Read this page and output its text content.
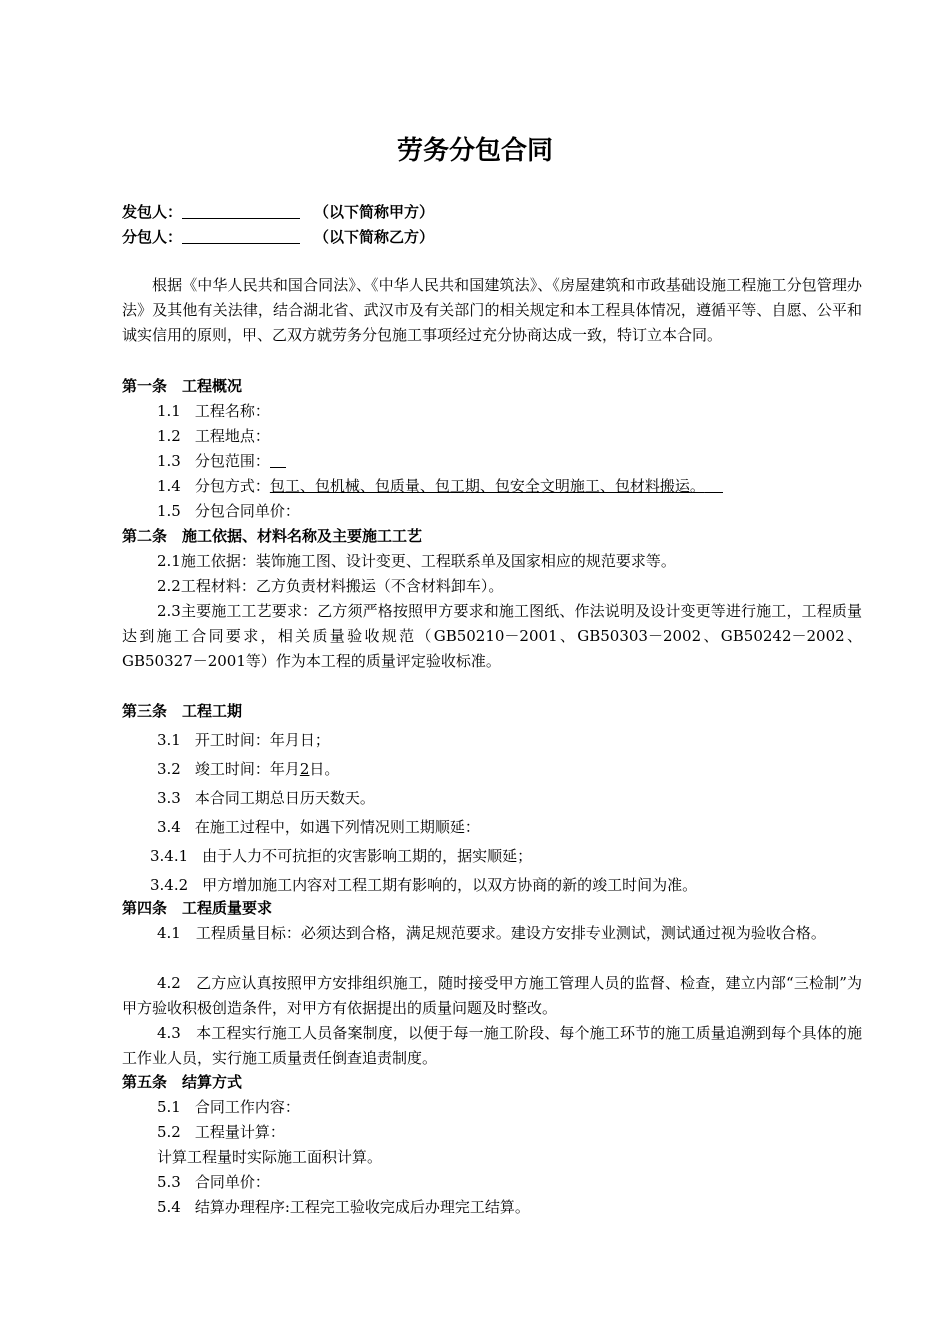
劳务分包合同
发包人：	（以下简称甲方）
分包人：	（以下简称乙方）
根据《中华人民共和国合同法》、《中华人民共和国建筑法》、《房屋建筑和市政基础设施工程施工分包管理办法》及其他有关法律，结合湖北省、武汉市及有关部门的相关规定和本工程具体情况，遵循平等、自愿、公平和诚实信用的原则，甲、乙双方就劳务分包施工事项经过充分协商达成一致，特订立本合同。
第一条　工程概况
1.1 工程名称：
1.2 工程地点：
1.3 分包范围：
1.4 分包方式：包工、包机械、包质量、包工期、包安全文明施工、包材料搬运。
1.5 分包合同单价：
第二条　施工依据、材料名称及主要施工工艺
2.1施工依据：装饰施工图、设计变更、工程联系单及国家相应的规范要求等。
2.2工程材料：乙方负责材料搬运（不含材料卸车）。
2.3主要施工工艺要求：乙方须严格按照甲方要求和施工图纸、作法说明及设计变更等进行施工，工程质量达到施工合同要求，相关质量验收规范（GB50210－2001、GB50303－2002、GB50242－2002、GB50327－2001等）作为本工程的质量评定验收标准。
第三条　工程工期
3.1 开工时间：年月日；
3.2 竣工时间：年月2日。
3.3 本合同工期总日历天数天。
3.4 在施工过程中，如遇下列情况则工期顺延：
3.4.1 由于人力不可抗拒的灾害影响工期的，据实顺延；
3.4.2 甲方增加施工内容对工程工期有影响的，以双方协商的新的竣工时间为准。
第四条　工程质量要求
4.1　工程质量目标：必须达到合格，满足规范要求。建设方安排专业测试，测试通过视为验收合格。
4.2　乙方应认真按照甲方安排组织施工，随时接受甲方施工管理人员的监督、检查，建立内部“三检制”为甲方验收积极创造条件，对甲方有依据提出的质量问题及时整改。
4.3　本工程实行施工人员备案制度，以便于每一施工阶段、每个施工环节的施工质量追溯到每个具体的施工作业人员，实行施工质量责任倒查追责制度。
第五条　结算方式
5.1 合同工作内容：
5.2 工程量计算：
计算工程量时实际施工面积计算。
5.3 合同单价：
5.4 结算办理程序:工程完工验收完成后办理完工结算。
